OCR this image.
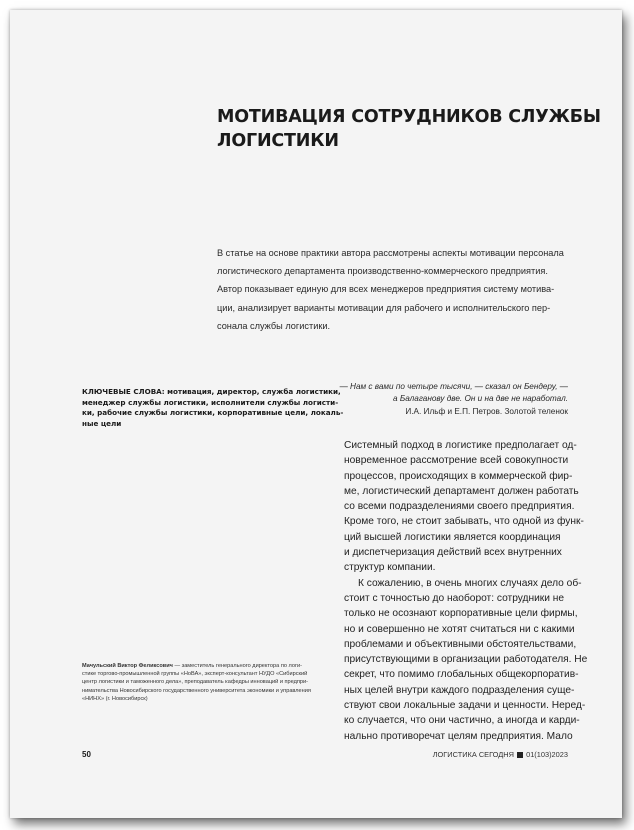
МОТИВАЦИЯ СОТРУДНИКОВ СЛУЖБЫ
ЛОГИСТИКИ
В статье на основе практики автора рассмотрены аспекты мотивации персонала
логистического департамента производственно-коммерческого предприятия.
Автор показывает единую для всех менеджеров предприятия систему мотива-
ции, анализирует варианты мотивации для рабочего и исполнительского пер-
сонала службы логистики.
КЛЮЧЕВЫЕ СЛОВА: мотивация, директор, служба логистики,
менеджер службы логистики, исполнители службы логисти-
ки, рабочие службы логистики, корпоративные цели, локаль-
ные цели
— Нам с вами по четыре тысячи, — сказал он Бендеру, —
а Балаганову две. Он и на две не наработал.
И.А. Ильф и Е.П. Петров. Золотой теленок
Системный подход в логистике предполагает од-
новременное рассмотрение всей совокупности
процессов, происходящих в коммерческой фир-
ме, логистический департамент должен работать
со всеми подразделениями своего предприятия.
Кроме того, не стоит забывать, что одной из функ-
ций высшей логистики является координация
и диспетчеризация действий всех внутренних
структур компании.
К сожалению, в очень многих случаях дело об-
стоит с точностью до наоборот: сотрудники не
только не осознают корпоративные цели фирмы,
но и совершенно не хотят считаться ни с какими
проблемами и объективными обстоятельствами,
присутствующими в организации работодателя. Не
секрет, что помимо глобальных общекорпоратив-
ных целей внутри каждого подразделения суще-
ствуют свои локальные задачи и ценности. Неред-
ко случается, что они частично, а иногда и карди-
нально противоречат целям предприятия. Мало
Мачульский Виктор Феликсович — заместитель генерального директора по логи-
стике торгово-промышленной группы «НоВА», эксперт-консультант НУДО «Сибирский
центр логистики и таможенного дела», преподаватель кафедры инноваций и предпри-
нимательства Новосибирского государственного университета экономики и управления
«НИНХ» (г. Новосибирск)
50	ЛОГИСТИКА СЕГОДНЯ 01(103)2023
